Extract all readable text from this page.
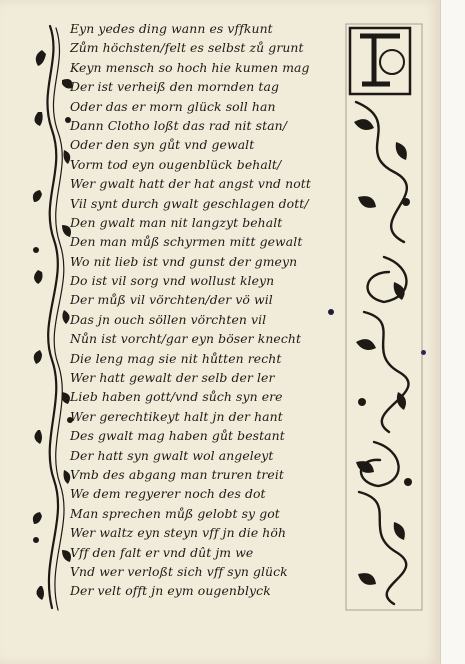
Eyn yedes ding wann es vffkunt
Zům höchsten/felt es selbst zů grunt
Keyn mensch so hoch hie kumen mag
Der ist verheiß den mornden tag
Oder das er morn glück soll han
Dann Clotho loßt das rad nit stan/
Oder den syn gůt vnd gewalt
Vorm tod eyn ougenblück behalt/
Wer gwalt hatt der hat angst vnd nott
Vil synt durch gwalt geschlagen dott/
Den gwalt man nit langzyt behalt
Den man můß schyrmen mitt gewalt
Wo nit lieb ist vnd gunst der gmeyn
Do ist vil sorg vnd wollust kleyn
Der můß vil vörchten/der vö wil
Das jn ouch söllen vörchten vil
Nůn ist vorcht/gar eyn böser knecht
Die leng mag sie nit hůtten recht
Wer hatt gewalt der selb der ler
Lieb haben gott/vnd sůch syn ere
Wer gerechtikeyt halt jn der hant
Des gwalt mag haben gůt bestant
Der hatt syn gwalt wol angeleyt
Vmb des abgang man truren treit
We dem regyerer noch des dot
Man sprechen můß gelobt sy got
Wer waltz eyn steyn vff jn die höh
Vff den falt er vnd dût jm we
Vnd wer verloßt sich vff syn glück
Der velt offt jn eym ougenblyck
